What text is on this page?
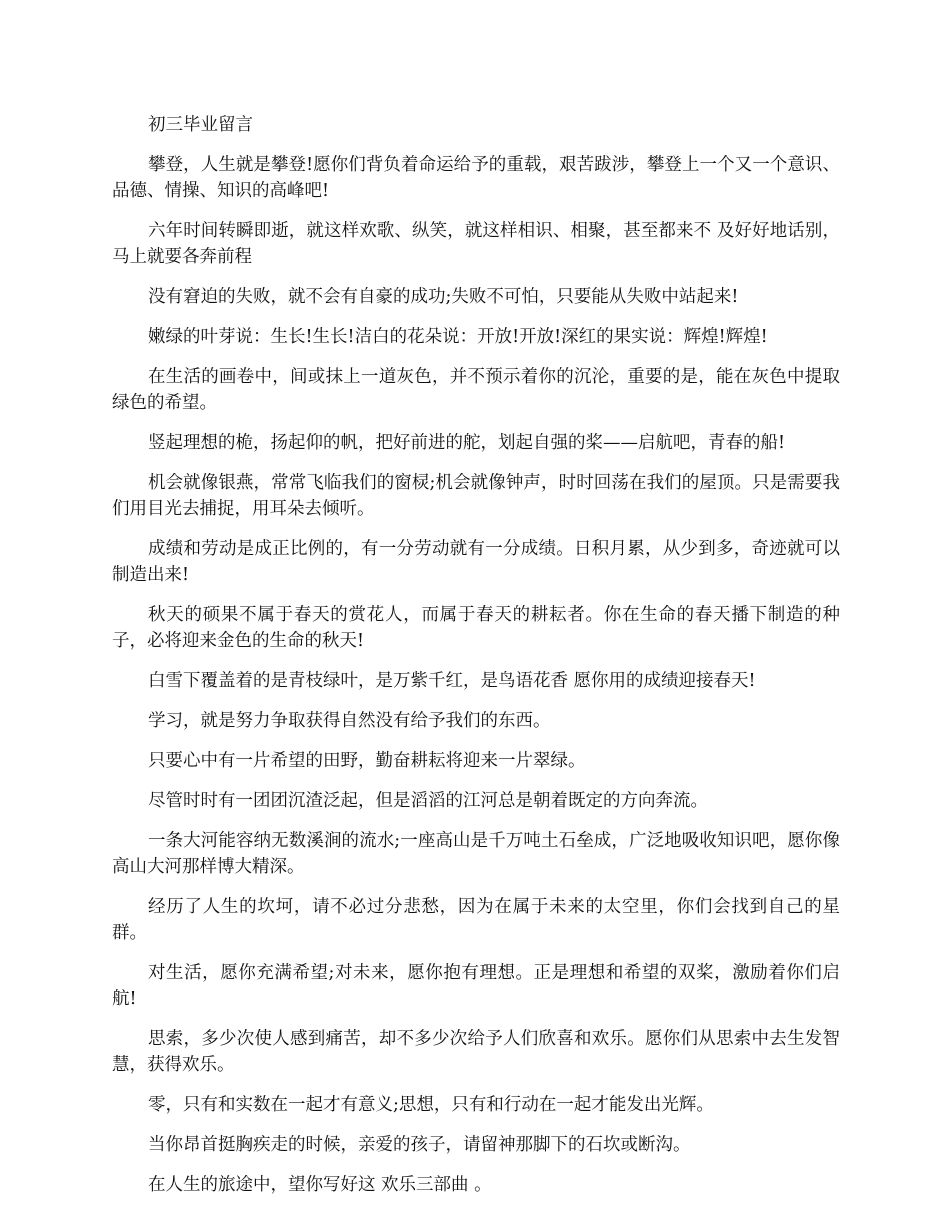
初三毕业留言

攀登，人生就是攀登!愿你们背负着命运给予的重载，艰苦跋涉，攀登上一个又一个意识、品德、情操、知识的高峰吧!

六年时间转瞬即逝，就这样欢歌、纵笑，就这样相识、相聚，甚至都来不 及好好地话别，马上就要各奔前程

没有窘迫的失败，就不会有自豪的成功;失败不可怕，只要能从失败中站起来!

嫩绿的叶芽说：生长!生长!洁白的花朵说：开放!开放!深红的果实说：辉煌!辉煌!

在生活的画卷中，间或抹上一道灰色，并不预示着你的沉沦，重要的是，能在灰色中提取绿色的希望。

竖起理想的桅，扬起仰的帆，把好前进的舵，划起自强的桨——启航吧，青春的船!

机会就像银燕，常常飞临我们的窗棂;机会就像钟声，时时回荡在我们的屋顶。只是需要我们用目光去捕捉，用耳朵去倾听。

成绩和劳动是成正比例的，有一分劳动就有一分成绩。日积月累，从少到多，奇迹就可以制造出来!

秋天的硕果不属于春天的赏花人，而属于春天的耕耘者。你在生命的春天播下制造的种子，必将迎来金色的生命的秋天!

白雪下覆盖着的是青枝绿叶，是万紫千红，是鸟语花香 愿你用的成绩迎接春天!

学习，就是努力争取获得自然没有给予我们的东西。

只要心中有一片希望的田野，勤奋耕耘将迎来一片翠绿。

尽管时时有一团团沉渣泛起，但是滔滔的江河总是朝着既定的方向奔流。

一条大河能容纳无数溪涧的流水;一座高山是千万吨土石垒成，广泛地吸收知识吧，愿你像高山大河那样博大精深。

经历了人生的坎坷，请不必过分悲愁，因为在属于未来的太空里，你们会找到自己的星群。

对生活，愿你充满希望;对未来，愿你抱有理想。正是理想和希望的双桨，激励着你们启航!

思索，多少次使人感到痛苦，却不多少次给予人们欣喜和欢乐。愿你们从思索中去生发智慧，获得欢乐。

零，只有和实数在一起才有意义;思想，只有和行动在一起才能发出光辉。

当你昂首挺胸疾走的时候，亲爱的孩子，请留神那脚下的石坎或断沟。

在人生的旅途中，望你写好这 欢乐三部曲 。
